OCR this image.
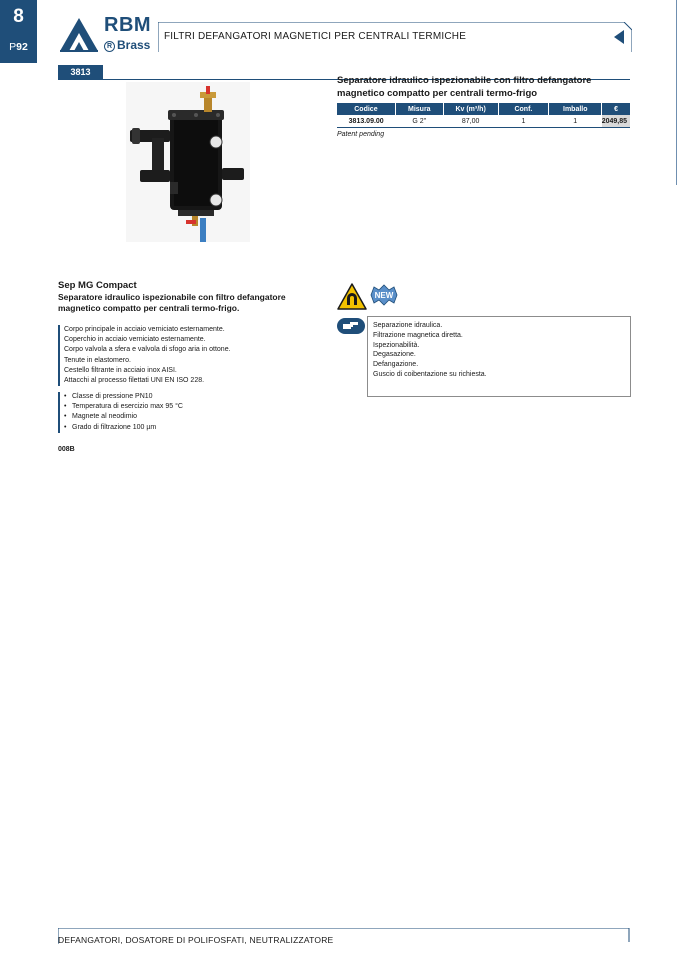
8
P92
RBM
R Brass
FILTRI DEFANGATORI MAGNETICI PER CENTRALI TERMICHE
3813
Separatore idraulico ispezionabile con filtro defangatore magnetico compatto per centrali termo-frigo
Codice	Misura	Kv (m³/h)	Conf.	Imballo	€
3813.09.00	G 2"	87,00	1	1	2049,85
Patent pending
Sep MG Compact
Separatore idraulico ispezionabile con filtro defangatore magnetico compatto per centrali termo-frigo.
Corpo principale in acciaio verniciato esternamente.
Coperchio in acciaio verniciato esternamente.
Corpo valvola a sfera e valvola di sfogo aria in ottone.
Tenute in elastomero.
Cestello filtrante in acciaio inox AISI.
Attacchi al processo filettati UNI EN ISO 228.
• Classe di pressione PN10
• Temperatura di esercizio max 95 °C
• Magnete al neodimio
• Grado di filtrazione 100 µm
NEW
Separazione idraulica.
Filtrazione magnetica diretta.
Ispezionabilità.
Degasazione.
Defangazione.
Guscio di coibentazione su richiesta.
008B
DEFANGATORI, DOSATORE DI POLIFOSFATI, NEUTRALIZZATORE
